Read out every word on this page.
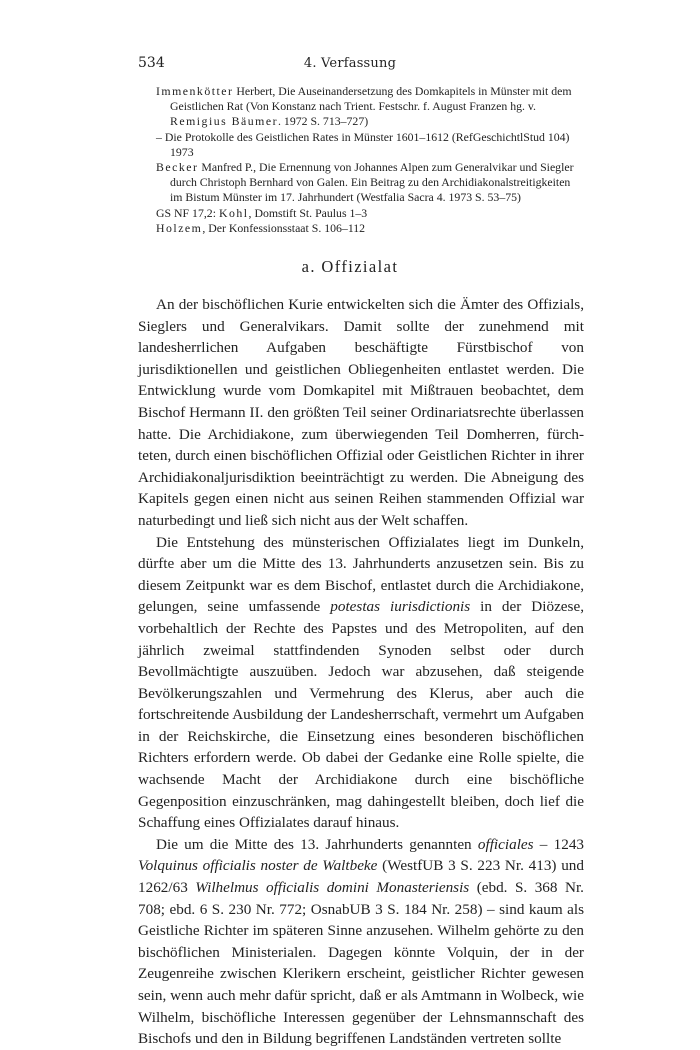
534	4. Verfassung
Immenkötter Herbert, Die Auseinandersetzung des Domkapitels in Münster mit dem Geistlichen Rat (Von Konstanz nach Trient. Festschr. f. August Franzen hg. v. Remigius Bäumer. 1972 S. 713–727)
– Die Protokolle des Geistlichen Rates in Münster 1601–1612 (RefGeschichtlStud 104) 1973
Becker Manfred P., Die Ernennung von Johannes Alpen zum Generalvikar und Siegler durch Christoph Bernhard von Galen. Ein Beitrag zu den Archidiakonalstreitigkeiten im Bistum Münster im 17. Jahrhundert (Westfalia Sacra 4. 1973 S. 53–75)
GS NF 17,2: Kohl, Domstift St. Paulus 1–3
Holzem, Der Konfessionsstaat S. 106–112
a. Offizialat

An der bischöflichen Kurie entwickelten sich die Ämter des Offizials, Sieglers und Generalvikars. Damit sollte der zunehmend mit landesherrlichen Aufgaben beschäftigte Fürstbischof von jurisdiktionellen und geistlichen Obliegenheiten entlastet werden. Die Entwicklung wurde vom Domkapitel mit Mißtrauen beobachtet, dem Bischof Hermann II. den größten Teil seiner Ordinariatsrechte überlassen hatte. Die Archidiakone, zum überwiegenden Teil Domherren, fürchteten, durch einen bischöflichen Offizial oder Geistlichen Richter in ihrer Archidiakonaljurisdiktion beeinträchtigt zu werden. Die Abneigung des Kapitels gegen einen nicht aus seinen Reihen stammenden Offizial war naturbedingt und ließ sich nicht aus der Welt schaffen.

Die Entstehung des münsterischen Offizialates liegt im Dunkeln, dürfte aber um die Mitte des 13. Jahrhunderts anzusetzen sein. Bis zu diesem Zeitpunkt war es dem Bischof, entlastet durch die Archidiakone, gelungen, seine umfassende potestas iurisdictionis in der Diözese, vorbehaltlich der Rechte des Papstes und des Metropoliten, auf den jährlich zweimal stattfindenden Synoden selbst oder durch Bevollmächtigte auszuüben. Jedoch war abzusehen, daß steigende Bevölkerungszahlen und Vermehrung des Klerus, aber auch die fortschreitende Ausbildung der Landesherrschaft, vermehrt um Aufgaben in der Reichskirche, die Einsetzung eines besonderen bischöflichen Richters erfordern werde. Ob dabei der Gedanke eine Rolle spielte, die wachsende Macht der Archidiakone durch eine bischöfliche Gegenposition einzuschränken, mag dahingestellt bleiben, doch lief die Schaffung eines Offizialates darauf hinaus.

Die um die Mitte des 13. Jahrhunderts genannten officiales – 1243 Volquinus officialis noster de Waltbeke (WestfUB 3 S. 223 Nr. 413) und 1262/63 Wilhelmus officialis domini Monasteriensis (ebd. S. 368 Nr. 708; ebd. 6 S. 230 Nr. 772; OsnabUB 3 S. 184 Nr. 258) – sind kaum als Geistliche Richter im späteren Sinne anzusehen. Wilhelm gehörte zu den bischöflichen Ministerialen. Dagegen könnte Volquin, der in der Zeugenreihe zwischen Klerikern erscheint, geistlicher Richter gewesen sein, wenn auch mehr dafür spricht, daß er als Amtmann in Wolbeck, wie Wilhelm, bischöfliche Interessen gegenüber der Lehnsmannschaft des Bischofs und den in Bildung begriffenen Landständen vertreten sollte
